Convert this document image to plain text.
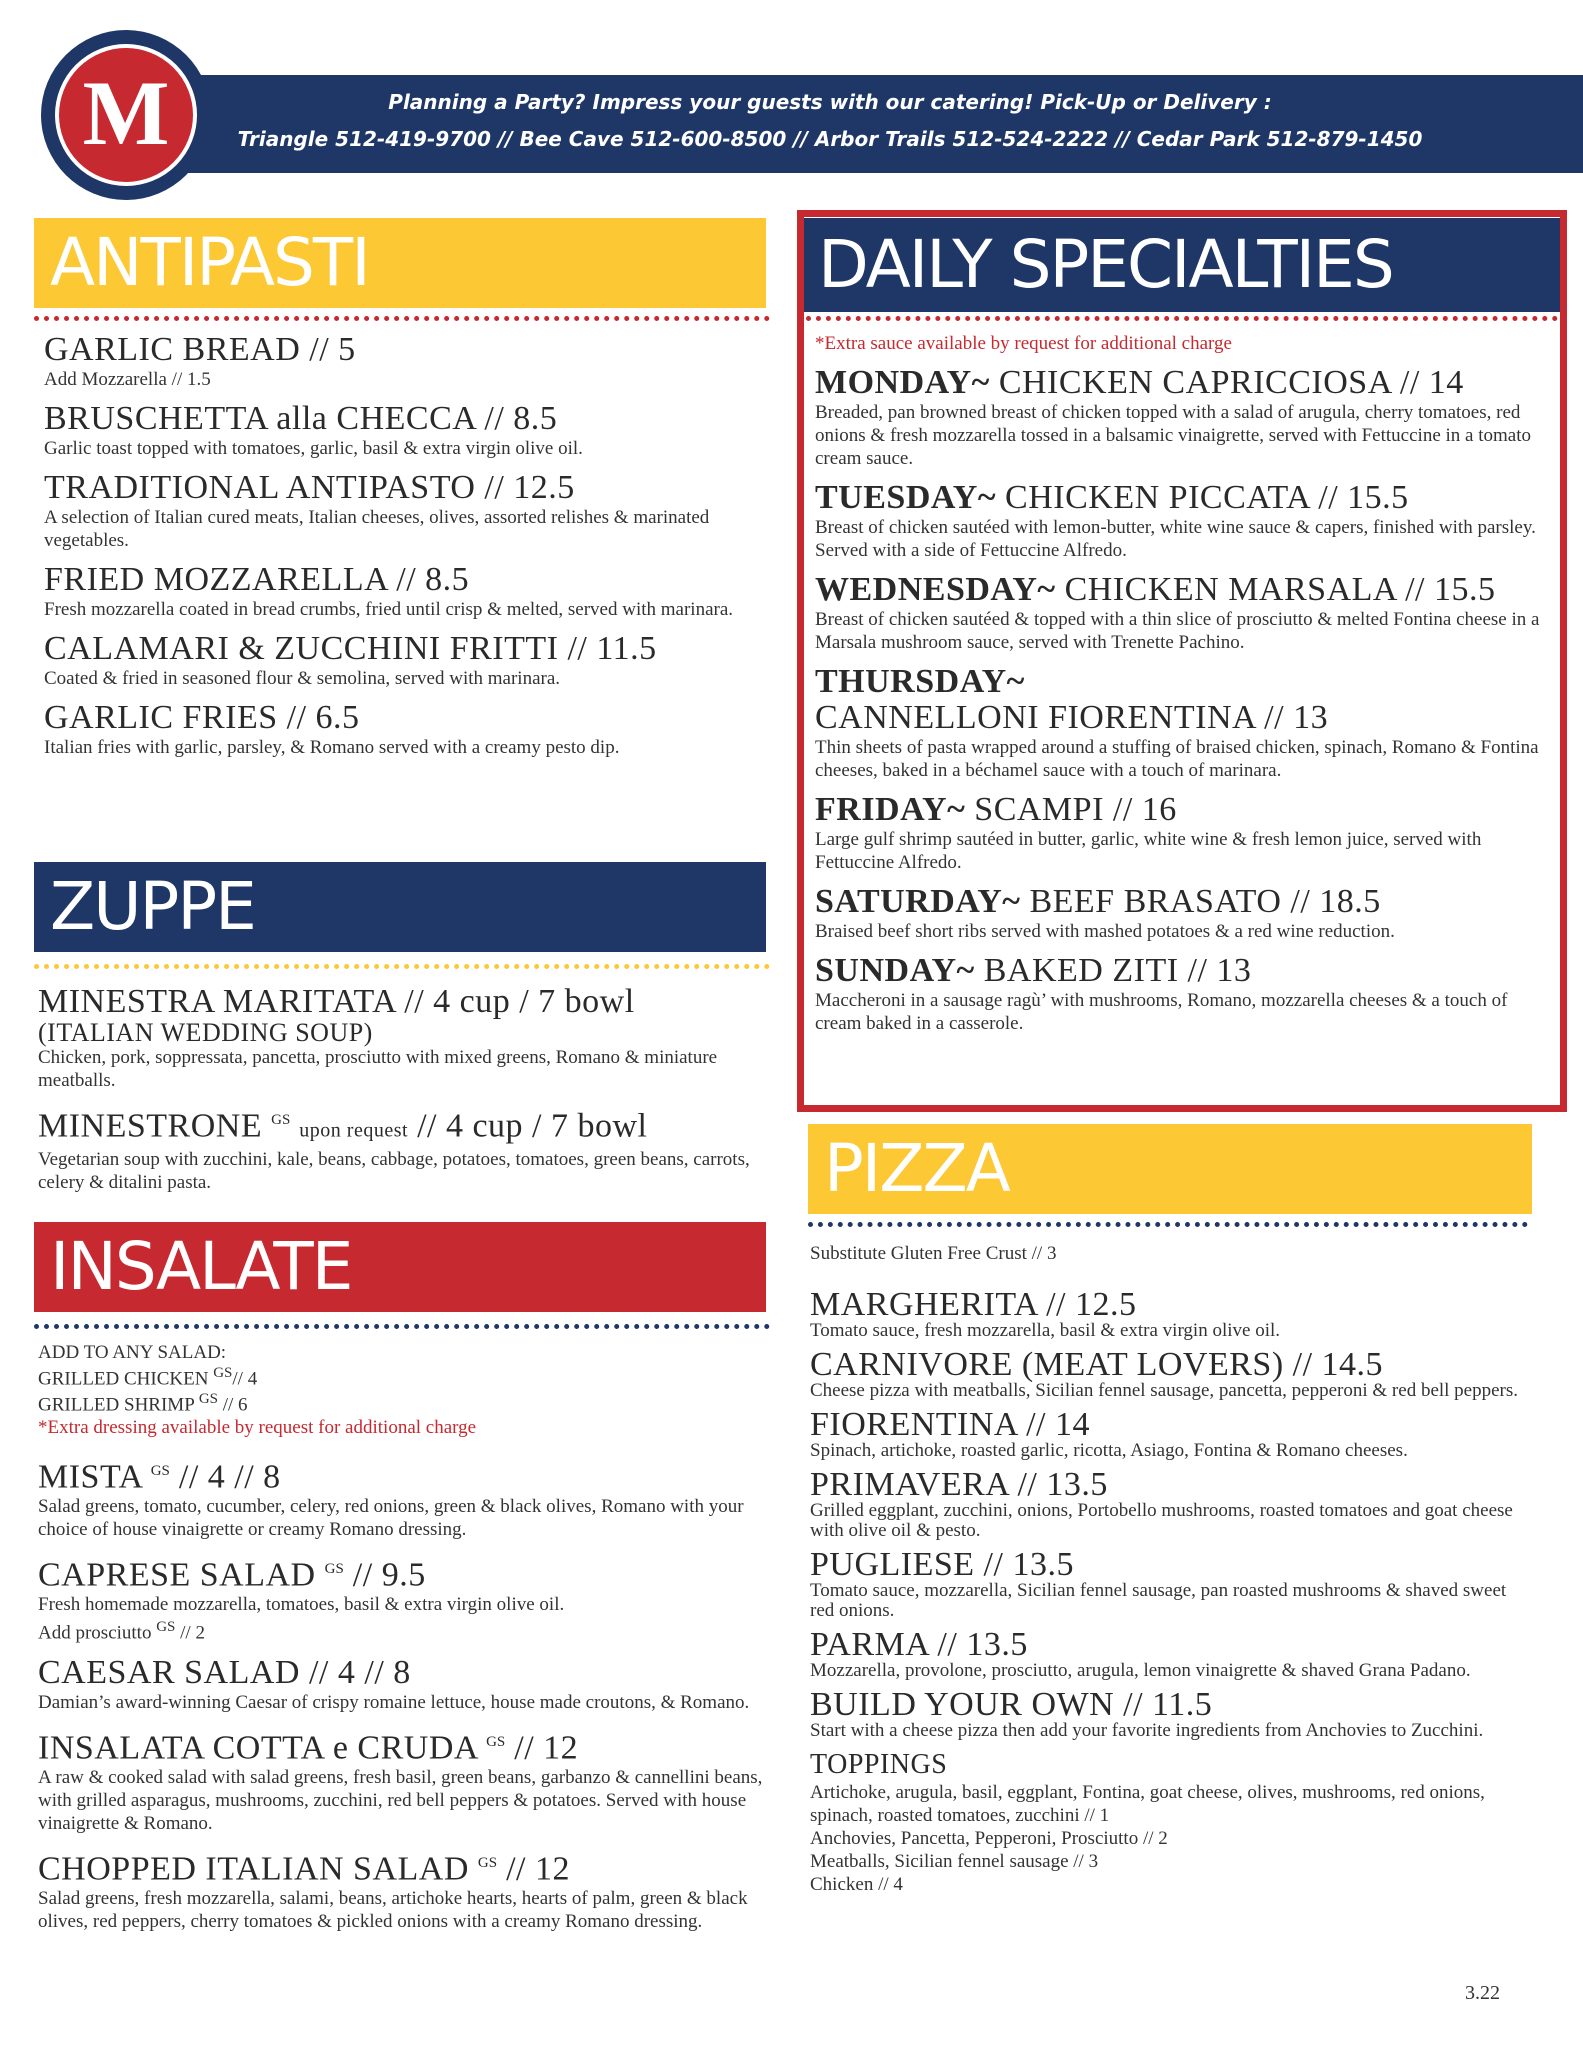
Planning a Party? Impress your guests with our catering! Pick-Up or Delivery :
Triangle 512-419-9700 // Bee Cave 512-600-8500 // Arbor Trails 512-524-2222 // Cedar Park 512-879-1450
M
ANTIPASTI
GARLIC BREAD // 5
Add Mozzarella // 1.5
BRUSCHETTA alla CHECCA // 8.5
Garlic toast topped with tomatoes, garlic, basil & extra virgin olive oil.
TRADITIONAL ANTIPASTO // 12.5
A selection of Italian cured meats, Italian cheeses, olives, assorted relishes & marinated vegetables.
FRIED MOZZARELLA // 8.5
Fresh mozzarella coated in bread crumbs, fried until crisp & melted, served with marinara.
CALAMARI & ZUCCHINI FRITTI // 11.5
Coated & fried in seasoned flour & semolina, served with marinara.
GARLIC FRIES // 6.5
Italian fries with garlic, parsley, & Romano served with a creamy pesto dip.
ZUPPE
MINESTRA MARITATA // 4 cup / 7 bowl
(ITALIAN WEDDING SOUP)
Chicken, pork, soppressata, pancetta, prosciutto with mixed greens, Romano & miniature meatballs.
MINESTRONE $^{GS}$ upon request // 4 cup / 7 bowl
Vegetarian soup with zucchini, kale, beans, cabbage, potatoes, tomatoes, green beans, carrots, celery & ditalini pasta.
INSALATE
ADD TO ANY SALAD:
GRILLED CHICKEN $^{GS}$// 4
GRILLED SHRIMP $^{GS}$ // 6
*Extra dressing available by request for additional charge
MISTA $^{GS}$ // 4 // 8
Salad greens, tomato, cucumber, celery, red onions, green & black olives, Romano with your choice of house vinaigrette or creamy Romano dressing.
CAPRESE SALAD $^{GS}$ // 9.5
Fresh homemade mozzarella, tomatoes, basil & extra virgin olive oil.
Add prosciutto $^{GS}$ // 2
CAESAR SALAD // 4 // 8
Damian’s award-winning Caesar of crispy romaine lettuce, house made croutons, & Romano.
INSALATA COTTA e CRUDA $^{GS}$ // 12
A raw & cooked salad with salad greens, fresh basil, green beans, garbanzo & cannellini beans, with grilled asparagus, mushrooms, zucchini, red bell peppers & potatoes. Served with house vinaigrette & Romano.
CHOPPED ITALIAN SALAD $^{GS}$ // 12
Salad greens, fresh mozzarella, salami, beans, artichoke hearts, hearts of palm, green & black olives, red peppers, cherry tomatoes & pickled onions with a creamy Romano dressing.
DAILY SPECIALTIES
*Extra sauce available by request for additional charge
MONDAY~ CHICKEN CAPRICCIOSA // 14
Breaded, pan browned breast of chicken topped with a salad of arugula, cherry tomatoes, red onions & fresh mozzarella tossed in a balsamic vinaigrette, served with Fettuccine in a tomato cream sauce.
TUESDAY~ CHICKEN PICCATA // 15.5
Breast of chicken sautéed with lemon-butter, white wine sauce & capers, finished with parsley. Served with a side of Fettuccine Alfredo.
WEDNESDAY~ CHICKEN MARSALA // 15.5
Breast of chicken sautéed & topped with a thin slice of prosciutto & melted Fontina cheese in a Marsala mushroom sauce, served with Trenette Pachino.
THURSDAY~
CANNELLONI FIORENTINA // 13
Thin sheets of pasta wrapped around a stuffing of braised chicken, spinach, Romano & Fontina cheeses, baked in a béchamel sauce with a touch of marinara.
FRIDAY~ SCAMPI // 16
Large gulf shrimp sautéed in butter, garlic, white wine & fresh lemon juice, served with Fettuccine Alfredo.
SATURDAY~ BEEF BRASATO // 18.5
Braised beef short ribs served with mashed potatoes & a red wine reduction.
SUNDAY~ BAKED ZITI // 13
Maccheroni in a sausage ragù’ with mushrooms, Romano, mozzarella cheeses & a touch of cream baked in a casserole.
PIZZA
Substitute Gluten Free Crust // 3
MARGHERITA // 12.5
Tomato sauce, fresh mozzarella, basil & extra virgin olive oil.
CARNIVORE (MEAT LOVERS) // 14.5
Cheese pizza with meatballs, Sicilian fennel sausage, pancetta, pepperoni & red bell peppers.
FIORENTINA // 14
Spinach, artichoke, roasted garlic, ricotta, Asiago, Fontina & Romano cheeses.
PRIMAVERA // 13.5
Grilled eggplant, zucchini, onions, Portobello mushrooms, roasted tomatoes and goat cheese with olive oil & pesto.
PUGLIESE // 13.5
Tomato sauce, mozzarella, Sicilian fennel sausage, pan roasted mushrooms & shaved sweet red onions.
PARMA // 13.5
Mozzarella, provolone, prosciutto, arugula, lemon vinaigrette & shaved Grana Padano.
BUILD YOUR OWN // 11.5
Start with a cheese pizza then add your favorite ingredients from Anchovies to Zucchini.
TOPPINGS
Artichoke, arugula, basil, eggplant, Fontina, goat cheese, olives, mushrooms, red onions, spinach, roasted tomatoes, zucchini // 1
Anchovies, Pancetta, Pepperoni, Prosciutto // 2
Meatballs, Sicilian fennel sausage // 3
Chicken // 4
3.22
